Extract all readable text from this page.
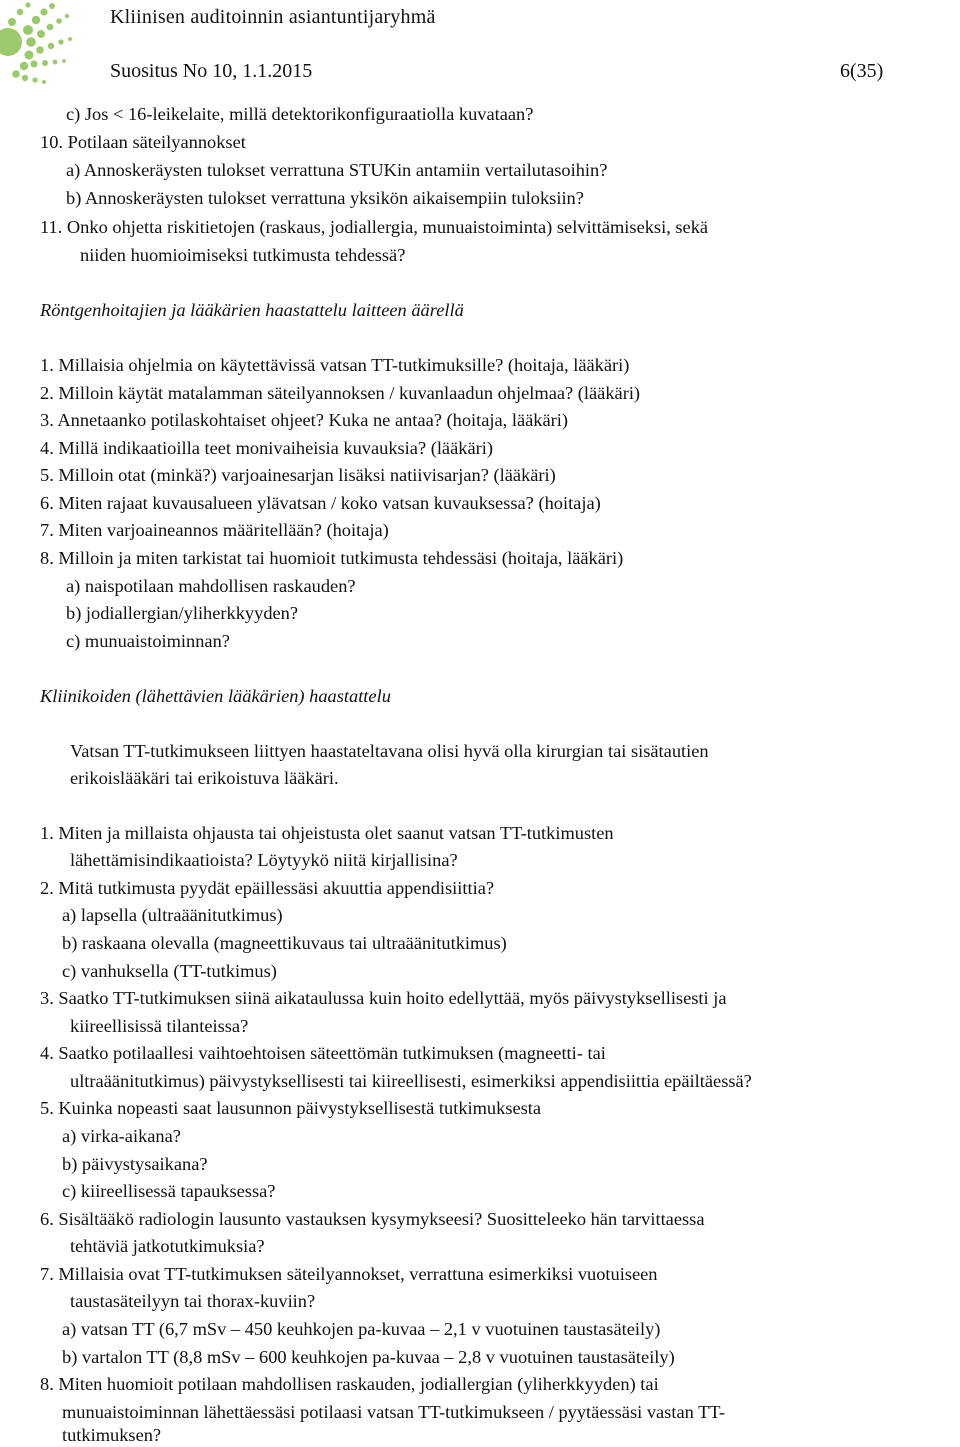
Kliinisen auditoinnin asiantuntijaryhmä
Suositus No 10, 1.1.2015	6(35)
c) Jos < 16-leikelaite, millä detektorikonfiguraatiolla kuvataan?
10. Potilaan säteilyannokset
a) Annoskeräysten tulokset verrattuna STUKin antamiin vertailutasoihin?
b) Annoskeräysten tulokset verrattuna yksikön aikaisempiin tuloksiin?
11. Onko ohjetta riskitietojen (raskaus, jodiallergia, munuaistoiminta) selvittämiseksi, sekä
niiden huomioimiseksi tutkimusta tehdessä?
Röntgenhoitajien ja lääkärien haastattelu laitteen äärellä
1. Millaisia ohjelmia on käytettävissä vatsan TT-tutkimuksille? (hoitaja, lääkäri)
2. Milloin käytät matalamman säteilyannoksen / kuvanlaadun ohjelmaa? (lääkäri)
3. Annetaanko potilaskohtaiset ohjeet? Kuka ne antaa? (hoitaja, lääkäri)
4. Millä indikaatioilla teet monivaiheisia kuvauksia? (lääkäri)
5. Milloin otat (minkä?) varjoainesarjan lisäksi natiivisarjan? (lääkäri)
6. Miten rajaat kuvausalueen ylävatsan / koko vatsan kuvauksessa? (hoitaja)
7. Miten varjoaineannos määritellään? (hoitaja)
8. Milloin ja miten tarkistat tai huomioit tutkimusta tehdessäsi (hoitaja, lääkäri)
a) naispotilaan mahdollisen raskauden?
b) jodiallergian/yliherkkyyden?
c) munuaistoiminnan?
Kliinikoiden (lähettävien lääkärien) haastattelu
Vatsan TT-tutkimukseen liittyen haastateltavana olisi hyvä olla kirurgian tai sisätautien
erikoislääkäri tai erikoistuva lääkäri.
1. Miten ja millaista ohjausta tai ohjeistusta olet saanut vatsan TT-tutkimusten
lähettämisindikaatioista? Löytyykö niitä kirjallisina?
2. Mitä tutkimusta pyydät epäillessäsi akuuttia appendisiittia?
a) lapsella (ultraäänitutkimus)
b) raskaana olevalla (magneettikuvaus tai ultraäänitutkimus)
c) vanhuksella (TT-tutkimus)
3. Saatko TT-tutkimuksen siinä aikataulussa kuin hoito edellyttää, myös päivystyksellisesti ja
kiireellisissä tilanteissa?
4. Saatko potilaallesi vaihtoehtoisen säteettömän tutkimuksen (magneetti- tai
ultraäänitutkimus) päivystyksellisesti tai kiireellisesti, esimerkiksi appendisiittia epäiltäessä?
5. Kuinka nopeasti saat lausunnon päivystyksellisestä tutkimuksesta
a) virka-aikana?
b) päivystysaikana?
c) kiireellisessä tapauksessa?
6. Sisältääkö radiologin lausunto vastauksen kysymykseesi? Suositteleeko hän tarvittaessa
tehtäviä jatkotutkimuksia?
7. Millaisia ovat TT-tutkimuksen säteilyannokset, verrattuna esimerkiksi vuotuiseen
taustasäteilyyn tai thorax-kuviin?
a) vatsan TT (6,7 mSv – 450 keuhkojen pa-kuvaa – 2,1 v vuotuinen taustasäteily)
b) vartalon TT (8,8 mSv – 600 keuhkojen pa-kuvaa – 2,8 v vuotuinen taustasäteily)
8. Miten huomioit potilaan mahdollisen raskauden, jodiallergian (yliherkkyyden) tai
munuaistoiminnan lähettäessäsi potilaasi vatsan TT-tutkimukseen / pyytäessäsi vastan TT-
tutkimuksen?
